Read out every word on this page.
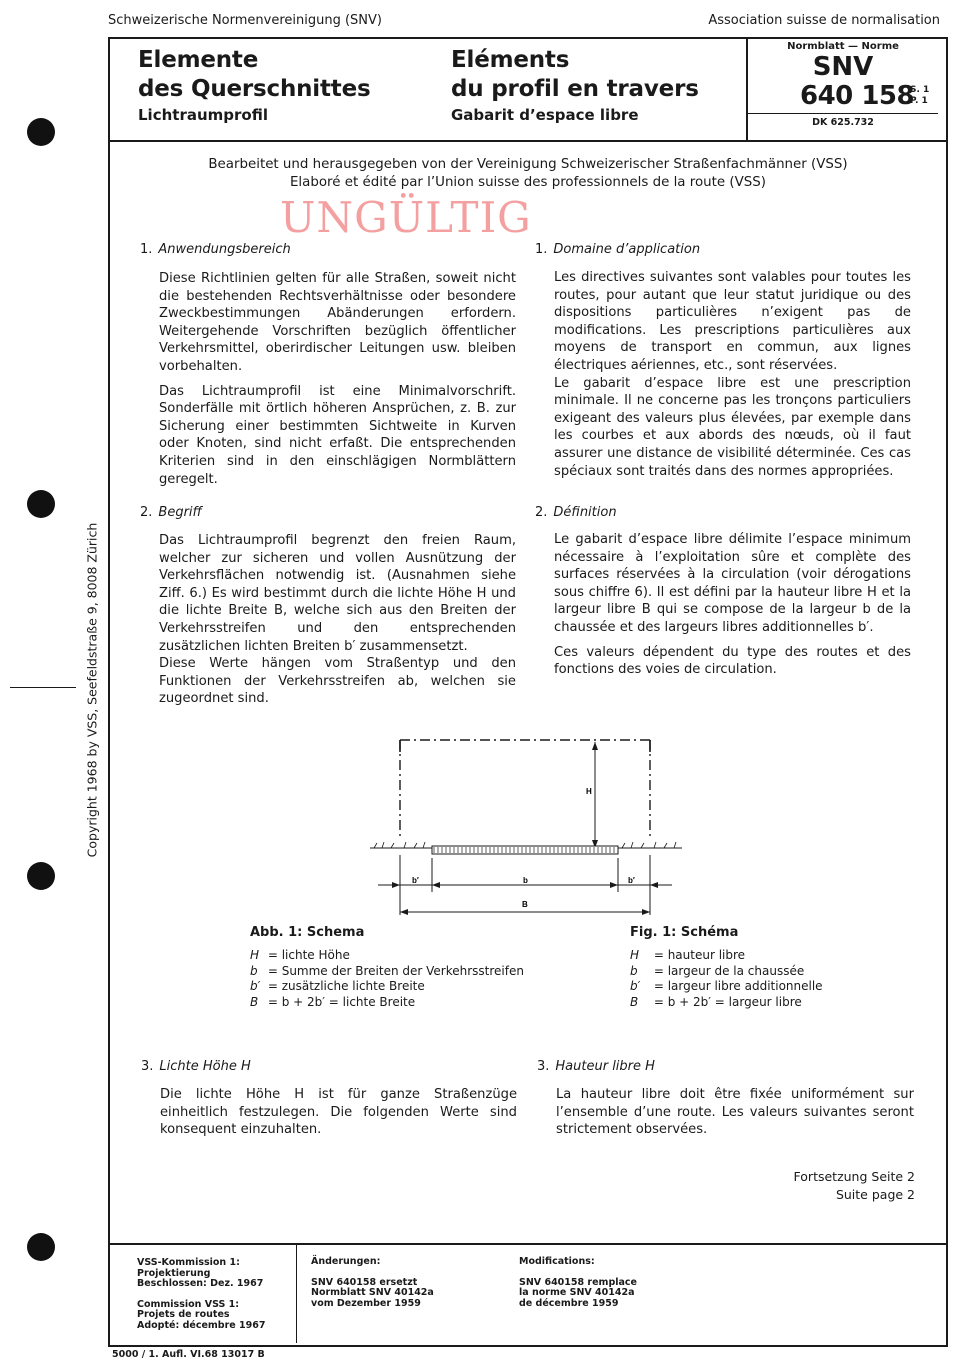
Schweizerische Normenvereinigung (SNV)	Association suisse de normalisation
Copyright 1968 by VSS, Seefeldstraße 9, 8008 Zürich
Elemente
des Querschnittes
Lichtraumprofil
Eléments
du profil en travers
Gabarit d’espace libre
Normblatt — Norme
SNV
640 158
S. 1
P. 1
DK 625.732
Bearbeitet und herausgegeben von der Vereinigung Schweizerischer Straßenfachmänner (VSS)
Elaboré et édité par l’Union suisse des professionnels de la route (VSS)
UNGÜLTIG
1. Anwendungsbereich	1. Domaine d’application

Diese Richtlinien gelten für alle Straßen, soweit nicht die bestehenden Rechtsverhältnisse oder besondere Zweckbestimmungen Abänderungen erfordern. Weitergehende Vorschriften bezüglich öffentlicher Verkehrsmittel, oberirdischer Leitungen usw. bleiben vorbehalten.

Das Lichtraumprofil ist eine Minimalvorschrift. Sonderfälle mit örtlich höheren Ansprüchen, z. B. zur Sicherung einer bestimmten Sichtweite in Kurven oder Knoten, sind nicht erfaßt. Die entsprechenden Kriterien sind in den einschlägigen Normblättern geregelt.

Les directives suivantes sont valables pour toutes les routes, pour autant que leur statut juridique ou des dispositions particulières n’exigent pas de modifications. Les prescriptions particulières aux moyens de transport en commun, aux lignes électriques aériennes, etc., sont réservées.

Le gabarit d’espace libre est une prescription minimale. Il ne concerne pas les tronçons particuliers exigeant des valeurs plus élevées, par exemple dans les courbes et aux abords des nœuds, où il faut assurer une distance de visibilité déterminée. Ces cas spéciaux sont traités dans des normes appropriées.

2. Begriff	2. Définition

Das Lichtraumprofil begrenzt den freien Raum, welcher zur sicheren und vollen Ausnützung der Verkehrsflächen notwendig ist. (Ausnahmen siehe Ziff. 6.) Es wird bestimmt durch die lichte Höhe H und die lichte Breite B, welche sich aus den Breiten der Verkehrsstreifen und den entsprechenden zusätzlichen lichten Breiten b′ zusammensetzt.

Diese Werte hängen vom Straßentyp und den Funktionen der Verkehrsstreifen ab, welchen sie zugeordnet sind.

Le gabarit d’espace libre délimite l’espace minimum nécessaire à l’exploitation sûre et complète des surfaces réservées à la circulation (voir dérogations sous chiffre 6). Il est défini par la hauteur libre H et la largeur libre B qui se compose de la largeur b de la chaussée et des largeurs libres additionnelles b′.

Ces valeurs dépendent du type des routes et des fonctions des voies de circulation.

H
b′	b	b′
B
Abb. 1: Schema
H = lichte Höhe
b = Summe der Breiten der Verkehrsstreifen
b′ = zusätzliche lichte Breite
B = b + 2b′ = lichte Breite
Fig. 1: Schéma
H = hauteur libre
b = largeur de la chaussée
b′ = largeur libre additionnelle
B = b + 2b′ = largeur libre
3. Lichte Höhe H	3. Hauteur libre H

Die lichte Höhe H ist für ganze Straßenzüge einheitlich festzulegen. Die folgenden Werte sind konsequent einzuhalten.

La hauteur libre doit être fixée uniformément sur l’ensemble d’une route. Les valeurs suivantes seront strictement observées.

Fortsetzung Seite 2
Suite page 2
VSS-Kommission 1:
Projektierung
Beschlossen: Dez. 1967
Commission VSS 1:
Projets de routes
Adopté: décembre 1967
Änderungen:
SNV 640158 ersetzt
Normblatt SNV 40142a
vom Dezember 1959
Modifications:
SNV 640158 remplace
la norme SNV 40142a
de décembre 1959
5000 / 1. Aufl. VI.68 13017 B
